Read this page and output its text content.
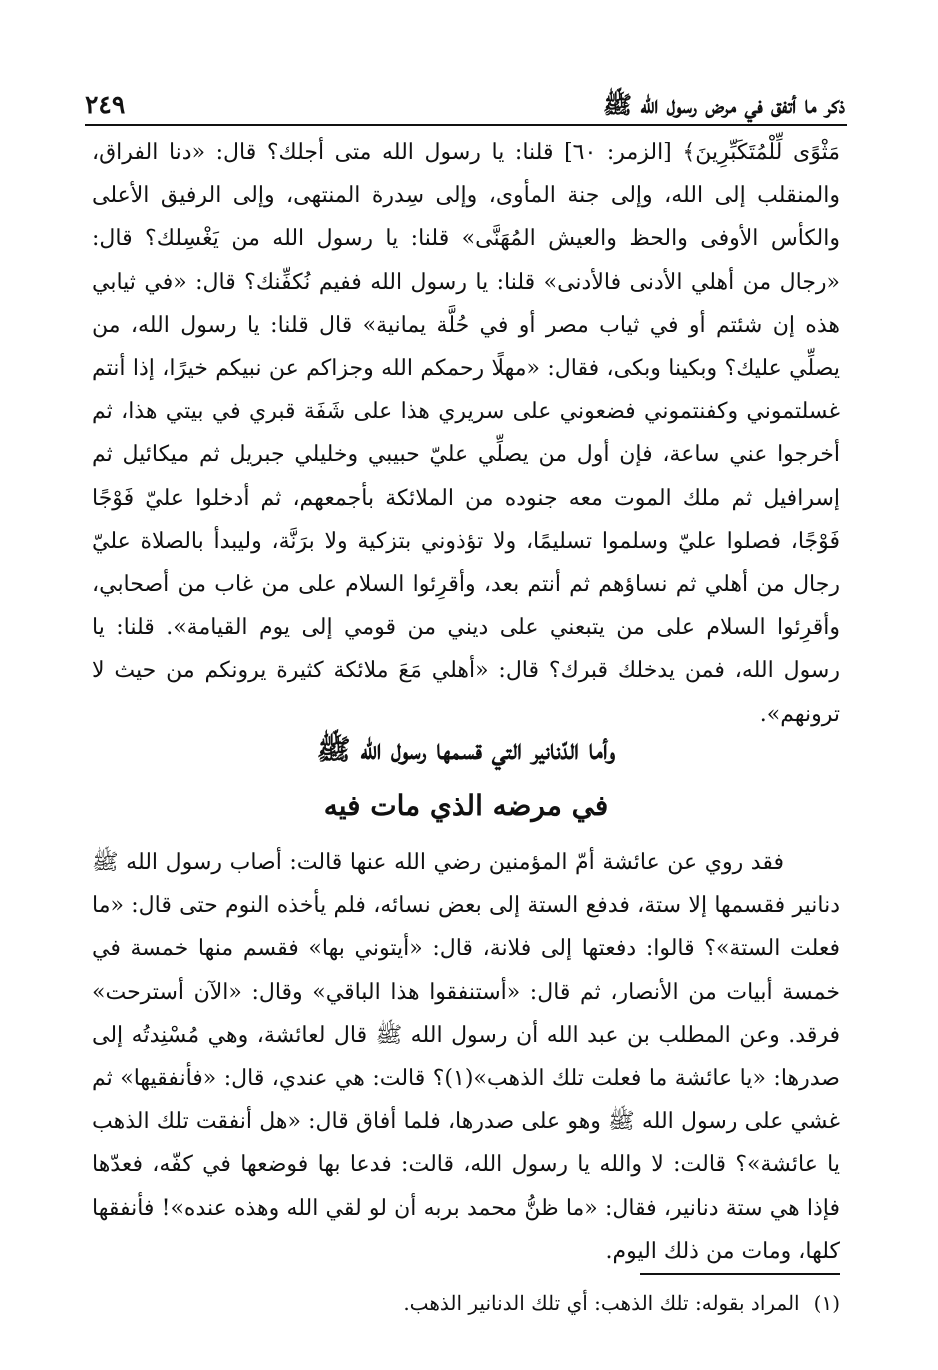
ذكر ما أتفق في مرض رسول الله ﷺ
٢٤٩

مَثْوًى لِّلْمُتَكَبِّرِينَ﴾ [الزمر: ٦٠] قلنا: يا رسول الله متى أجلك؟ قال: «دنا الفراق، والمنقلب إلى الله، وإلى جنة المأوى، وإلى سِدرة المنتهى، وإلى الرفيق الأعلى والكأس الأوفى والحظ والعيش المُهَنَّى» قلنا: يا رسول الله من يَغْسِلك؟ قال: «رجال من أهلي الأدنى فالأدنى» قلنا: يا رسول الله ففيم نُكفِّنك؟ قال: «في ثيابي هذه إن شئتم أو في ثياب مصر أو في حُلَّة يمانية» قال قلنا: يا رسول الله، من يصلِّي عليك؟ وبكينا وبكى، فقال: «مهلًا رحمكم الله وجزاكم عن نبيكم خيرًا، إذا أنتم غسلتموني وكفنتموني فضعوني على سريري هذا على شَفَة قبري في بيتي هذا، ثم أخرجوا عني ساعة، فإن أول من يصلِّي عليّ حبيبي وخليلي جبريل ثم ميكائيل ثم إسرافيل ثم ملك الموت معه جنوده من الملائكة بأجمعهم، ثم أدخلوا عليّ فَوْجًا فَوْجًا، فصلوا عليّ وسلموا تسليمًا، ولا تؤذوني بتزكية ولا برَنَّة، وليبدأ بالصلاة عليّ رجال من أهلي ثم نساؤهم ثم أنتم بعد، وأقرِئوا السلام على من غاب من أصحابي، وأقرِئوا السلام على من يتبعني على ديني من قومي إلى يوم القيامة». قلنا: يا رسول الله، فمن يدخلك قبرك؟ قال: «أهلي مَعَ ملائكة كثيرة يرونكم من حيث لا ترونهم».

وأما الدّنانير التي قسمها رسول الله ﷺ
في مرضه الذي مات فيه

فقد روي عن عائشة أمّ المؤمنين رضي الله عنها قالت: أصاب رسول الله ﷺ دنانير فقسمها إلا ستة، فدفع الستة إلى بعض نسائه، فلم يأخذه النوم حتى قال: «ما فعلت الستة»؟ قالوا: دفعتها إلى فلانة، قال: «أيتوني بها» فقسم منها خمسة في خمسة أبيات من الأنصار، ثم قال: «أستنفقوا هذا الباقي» وقال: «الآن أسترحت» فرقد. وعن المطلب بن عبد الله أن رسول الله ﷺ قال لعائشة، وهي مُسْنِدتُه إلى صدرها: «يا عائشة ما فعلت تلك الذهب»(١)؟ قالت: هي عندي، قال: «فأنفقيها» ثم غشي على رسول الله ﷺ وهو على صدرها، فلما أفاق قال: «هل أنفقت تلك الذهب يا عائشة»؟ قالت: لا والله يا رسول الله، قالت: فدعا بها فوضعها في كفّه، فعدّها فإذا هي ستة دنانير، فقال: «ما ظنُّ محمد بربه أن لو لقي الله وهذه عنده»! فأنفقها كلها، ومات من ذلك اليوم.

(١)المراد بقوله: تلك الذهب: أي تلك الدنانير الذهب.
